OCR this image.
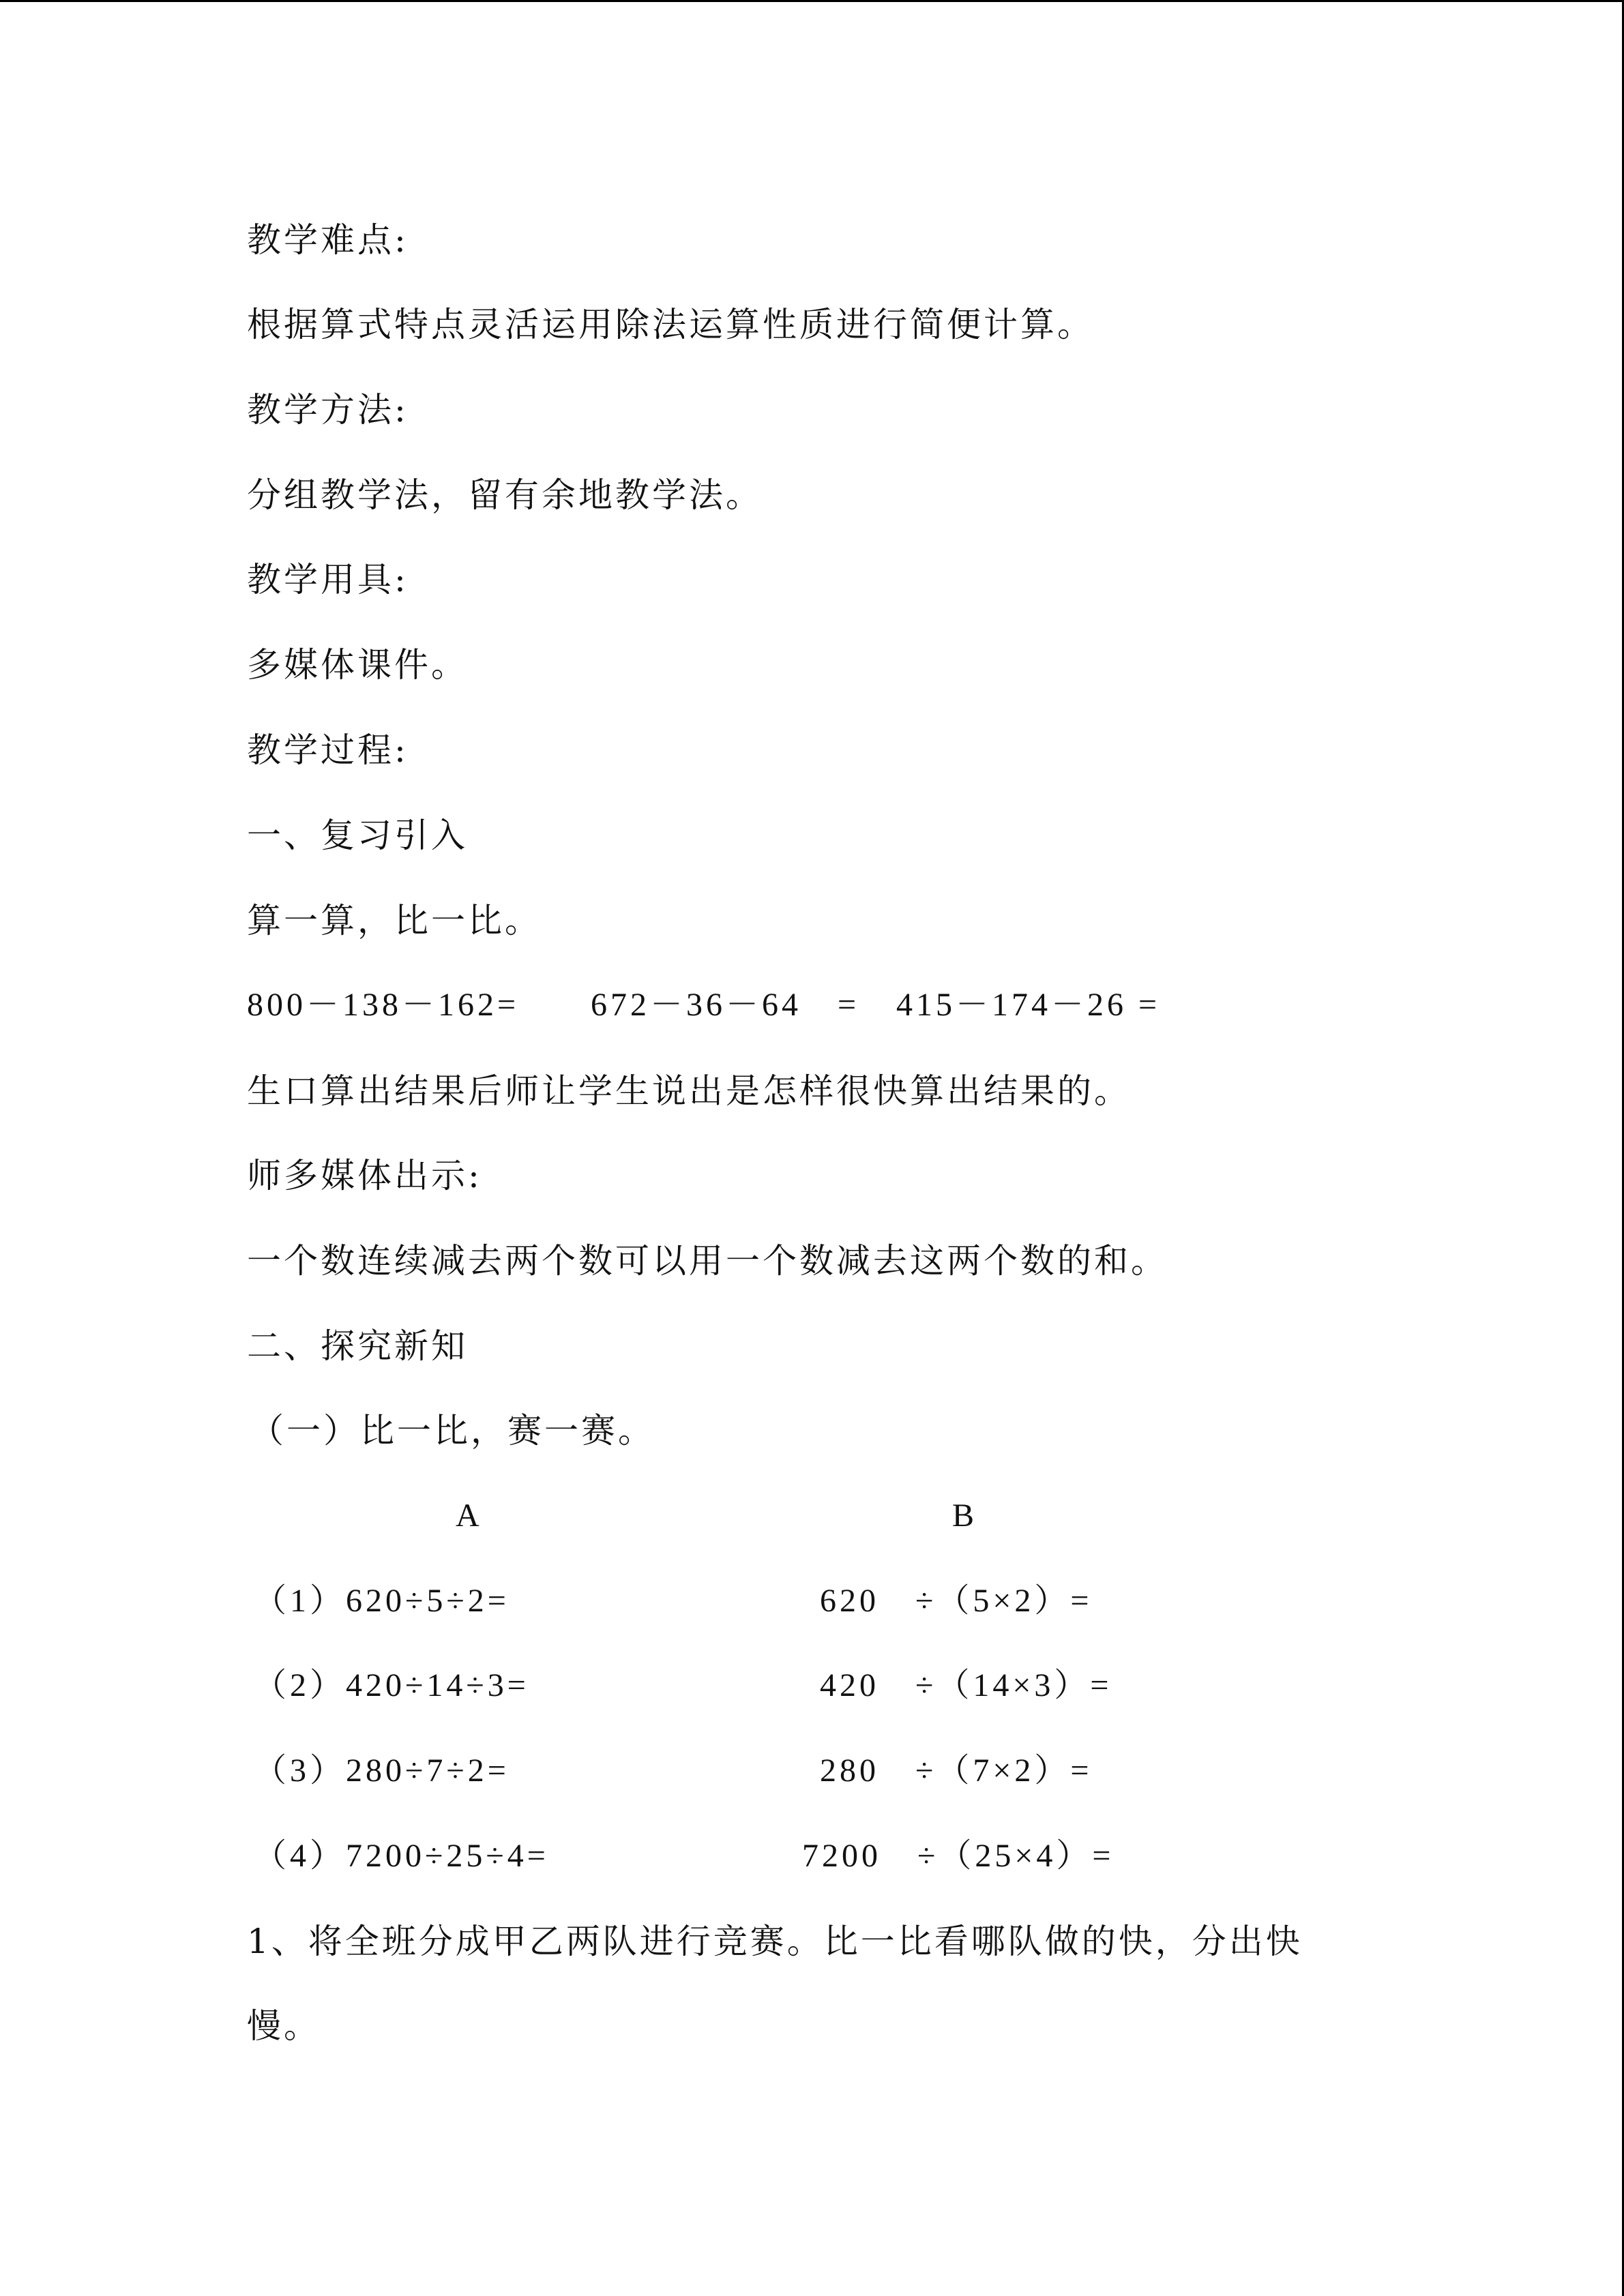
教学难点:
根据算式特点灵活运用除法运算性质进行简便计算。
教学方法:
分组教学法，留有余地教学法。
教学用具:
多媒体课件。
教学过程:
一、复习引入
算一算，比一比。
800－138－162= 672－36－64　= 415－174－26 =
生口算出结果后师让学生说出是怎样很快算出结果的。
师多媒体出示:
一个数连续减去两个数可以用一个数减去这两个数的和。
二、探究新知
（一）比一比，赛一赛。
A	B
（1）620÷5÷2=	620　÷（5×2）=
（2）420÷14÷3=	420　÷（14×3）=
（3）280÷7÷2=	280　÷（7×2）=
（4）7200÷25÷4=	7200　÷（25×4）=
1、将全班分成甲乙两队进行竞赛。比一比看哪队做的快，分出快
慢。
